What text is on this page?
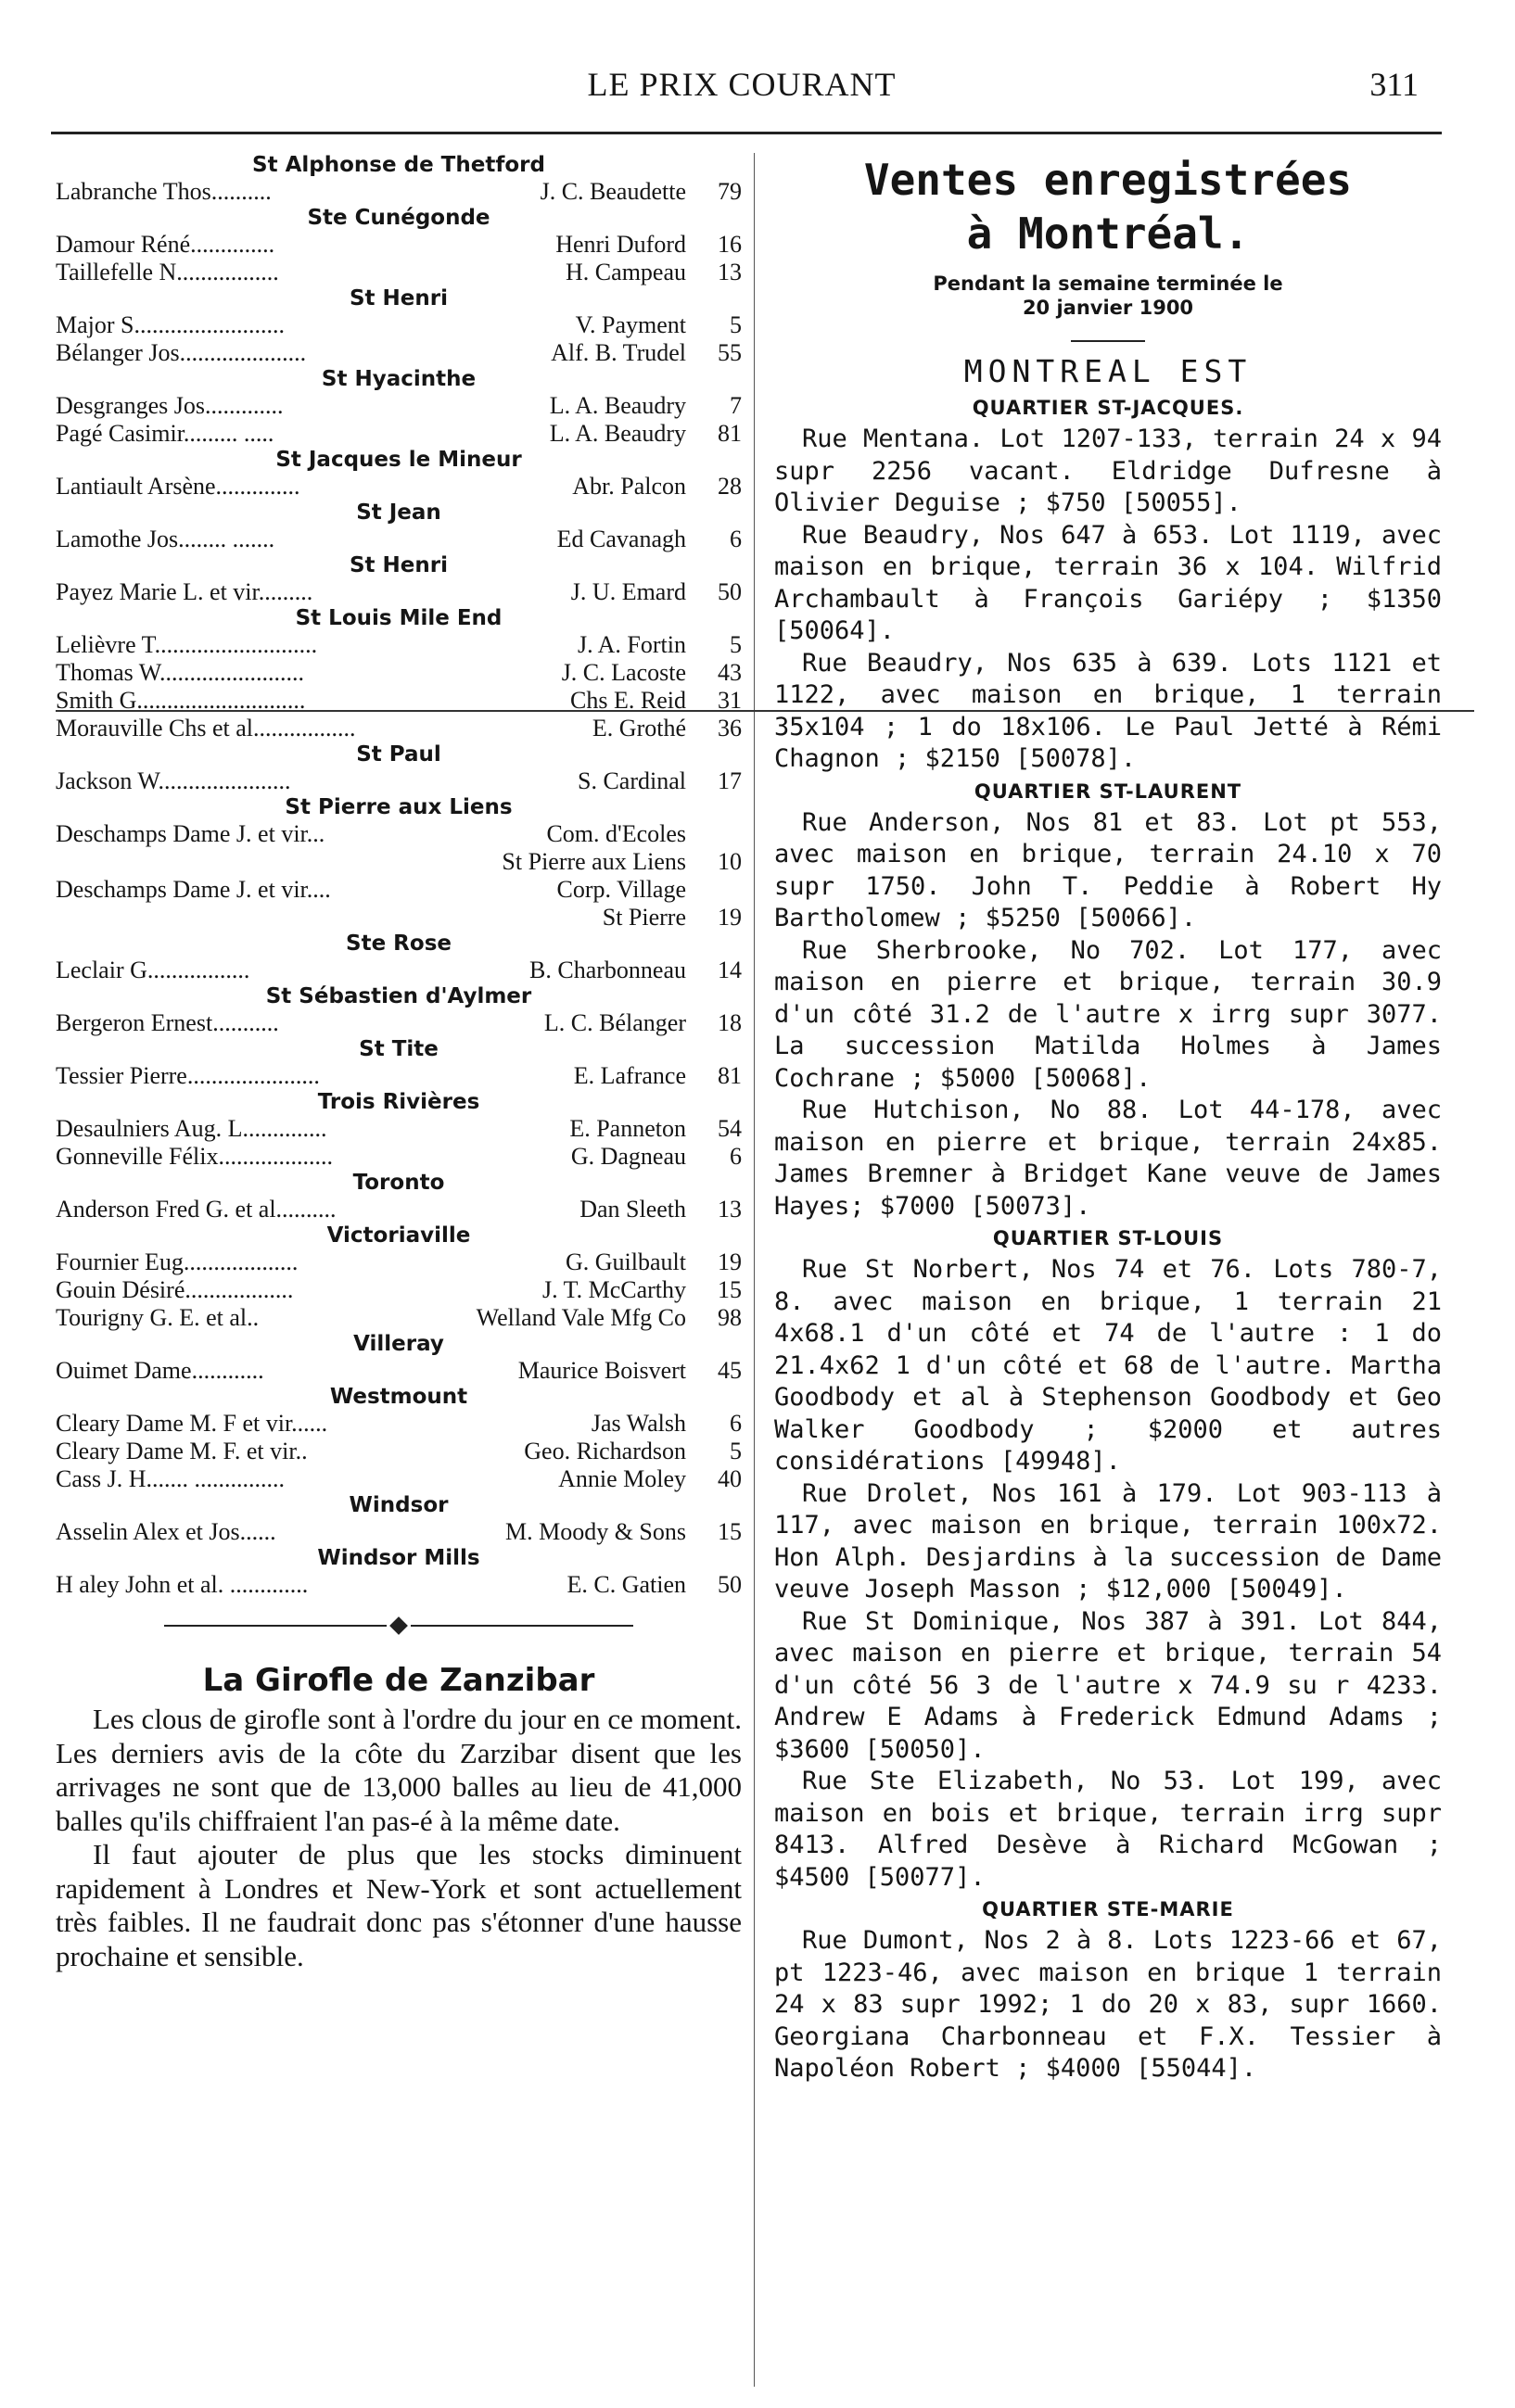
LE PRIX COURANT	311
St Alphonse de Thetford
Labranche Thos..........	J. C. Beaudette	79
Ste Cunégonde
Damour Réné..............	Henri Duford	16
Taillefelle N.................	H. Campeau	13
St Henri
Major S.........................	V. Payment	5
Bélanger Jos.....................	Alf. B. Trudel	55
St Hyacinthe
Desgranges Jos.............	L. A. Beaudry	7
Pagé Casimir......... .....	L. A. Beaudry	81
St Jacques le Mineur
Lantiault Arsène..............	Abr. Palcon	28
St Jean
Lamothe Jos........ .......	Ed Cavanagh	6
St Henri
Payez Marie L. et vir.........	J. U. Emard	50
St Louis Mile End
Lelièvre T...........................	J. A. Fortin	5
Thomas W........................	J. C. Lacoste	43
Smith G............................	Chs E. Reid	31
Morauville Chs et al.................	E. Grothé	36
St Paul
Jackson W......................	S. Cardinal	17
St Pierre aux Liens
Deschamps Dame J. et vir...	Com. d'Ecoles
St Pierre aux Liens	10
Deschamps Dame J. et vir....	Corp. Village
St Pierre	19
Ste Rose
Leclair G.................	B. Charbonneau	14
St Sébastien d'Aylmer
Bergeron Ernest...........	L. C. Bélanger	18
St Tite
Tessier Pierre......................	E. Lafrance	81
Trois Rivières
Desaulniers Aug. L..............	E. Panneton	54
Gonneville Félix...................	G. Dagneau	6
Toronto
Anderson Fred G. et al..........	Dan Sleeth	13
Victoriaville
Fournier Eug...................	G. Guilbault	19
Gouin Désiré..................	J. T. McCarthy	15
Tourigny G. E. et al..	Welland Vale Mfg Co	98
Villeray
Ouimet Dame............	Maurice Boisvert	45
Westmount
Cleary Dame M. F et vir......	Jas Walsh	6
Cleary Dame M. F. et vir..	Geo. Richardson	5
Cass J. H....... ...............	Annie Moley	40
Windsor
Asselin Alex et Jos......	M. Moody & Sons	15
Windsor Mills
H aley John et al. .............	E. C. Gatien	50
La Girofle de Zanzibar

Les clous de girofle sont à l'ordre du jour en ce moment. Les derniers avis de la côte du Zarzibar disent que les arrivages ne sont que de 13,000 balles au lieu de 41,000 balles qu'ils chiffraient l'an pas-é à la même date.

Il faut ajouter de plus que les stocks diminuent rapidement à Londres et New-York et sont actuellement très faibles. Il ne faudrait donc pas s'étonner d'une hausse prochaine et sensible.

Ventes enregistrées
à Montréal.
Pendant la semaine terminée le
20 janvier 1900
MONTREAL EST
QUARTIER ST-JACQUES.

Rue Mentana. Lot 1207-133, terrain 24 x 94 supr 2256 vacant. Eldridge Dufresne à Olivier Deguise ; $750 [50055].

Rue Beaudry, Nos 647 à 653. Lot 1119, avec maison en brique, terrain 36 x 104. Wilfrid Archambault à François Gariépy ; $1350 [50064].

Rue Beaudry, Nos 635 à 639. Lots 1121 et 1122, avec maison en brique, 1 terrain 35x104 ; 1 do 18x106. Le Paul Jetté à Rémi Chagnon ; $2150 [50078].

QUARTIER ST-LAURENT

Rue Anderson, Nos 81 et 83. Lot pt 553, avec maison en brique, terrain 24.10 x 70 supr 1750. John T. Peddie à Robert Hy Bartholomew ; $5250 [50066].

Rue Sherbrooke, No 702. Lot 177, avec maison en pierre et brique, terrain 30.9 d'un côté 31.2 de l'autre x irrg supr 3077. La succession Matilda Holmes à James Cochrane ; $5000 [50068].

Rue Hutchison, No 88. Lot 44-178, avec maison en pierre et brique, terrain 24x85. James Bremner à Bridget Kane veuve de James Hayes; $7000 [50073].

QUARTIER ST-LOUIS

Rue St Norbert, Nos 74 et 76. Lots 780-7, 8. avec maison en brique, 1 terrain 21 4x68.1 d'un côté et 74 de l'autre : 1 do 21.4x62 1 d'un côté et 68 de l'autre. Martha Goodbody et al à Stephenson Goodbody et Geo Walker Goodbody ; $2000 et autres considérations [49948].

Rue Drolet, Nos 161 à 179. Lot 903-113 à 117, avec maison en brique, terrain 100x72. Hon Alph. Desjardins à la succession de Dame veuve Joseph Masson ; $12,000 [50049].

Rue St Dominique, Nos 387 à 391. Lot 844, avec maison en pierre et brique, terrain 54 d'un côté 56 3 de l'autre x 74.9 su r 4233. Andrew E Adams à Frederick Edmund Adams ; $3600 [50050].

Rue Ste Elizabeth, No 53. Lot 199, avec maison en bois et brique, terrain irrg supr 8413. Alfred Desève à Richard McGowan ; $4500 [50077].

QUARTIER STE-MARIE

Rue Dumont, Nos 2 à 8. Lots 1223-66 et 67, pt 1223-46, avec maison en brique 1 terrain 24 x 83 supr 1992; 1 do 20 x 83, supr 1660. Georgiana Charbonneau et F.X. Tessier à Napoléon Robert ; $4000 [55044].
